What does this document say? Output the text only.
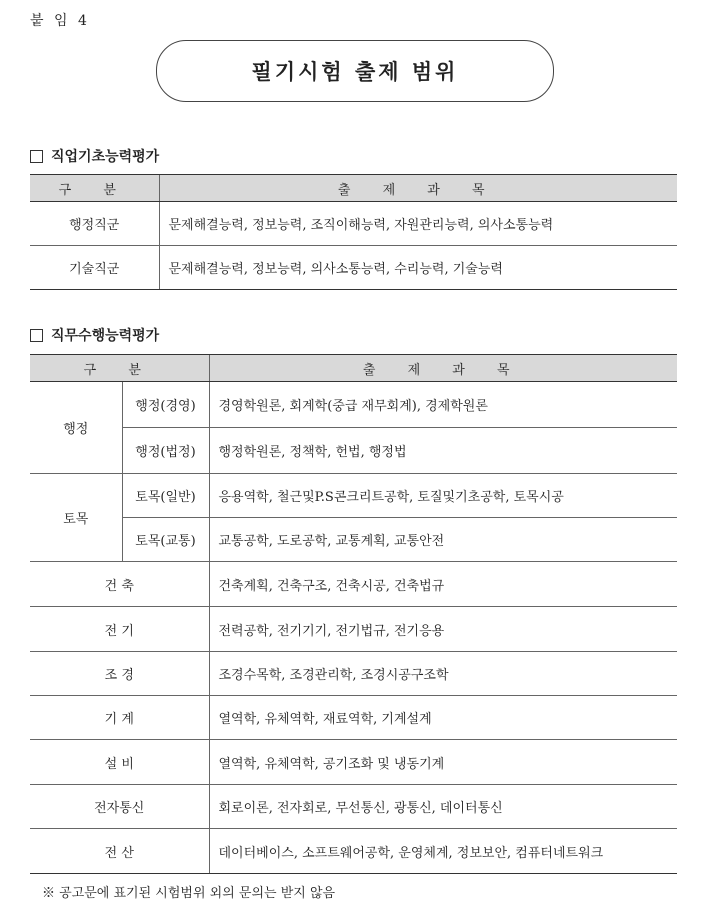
붙 임 4
필기시험 출제 범위
직업기초능력평가
구 분	출 제 과 목
행정직군	문제해결능력, 정보능력, 조직이해능력, 자원관리능력, 의사소통능력
기술직군	문제해결능력, 정보능력, 의사소통능력, 수리능력, 기술능력
직무수행능력평가
구 분		출 제 과 목
행정	행정(경영)	경영학원론, 회계학(중급 재무회계), 경제학원론
	행정(법정)	행정학원론, 정책학, 헌법, 행정법
토목	토목(일반)	응용역학, 철근및P.S콘크리트공학, 토질및기초공학, 토목시공
	토목(교통)	교통공학, 도로공학, 교통계획, 교통안전
건 축		건축계획, 건축구조, 건축시공, 건축법규
전 기		전력공학, 전기기기, 전기법규, 전기응용
조 경		조경수목학, 조경관리학, 조경시공구조학
기 계		열역학, 유체역학, 재료역학, 기계설계
설 비		열역학, 유체역학, 공기조화 및 냉동기계
전자통신		회로이론, 전자회로, 무선통신, 광통신, 데이터통신
전 산		데이터베이스, 소프트웨어공학, 운영체계, 정보보안, 컴퓨터네트워크
※ 공고문에 표기된 시험범위 외의 문의는 받지 않음
